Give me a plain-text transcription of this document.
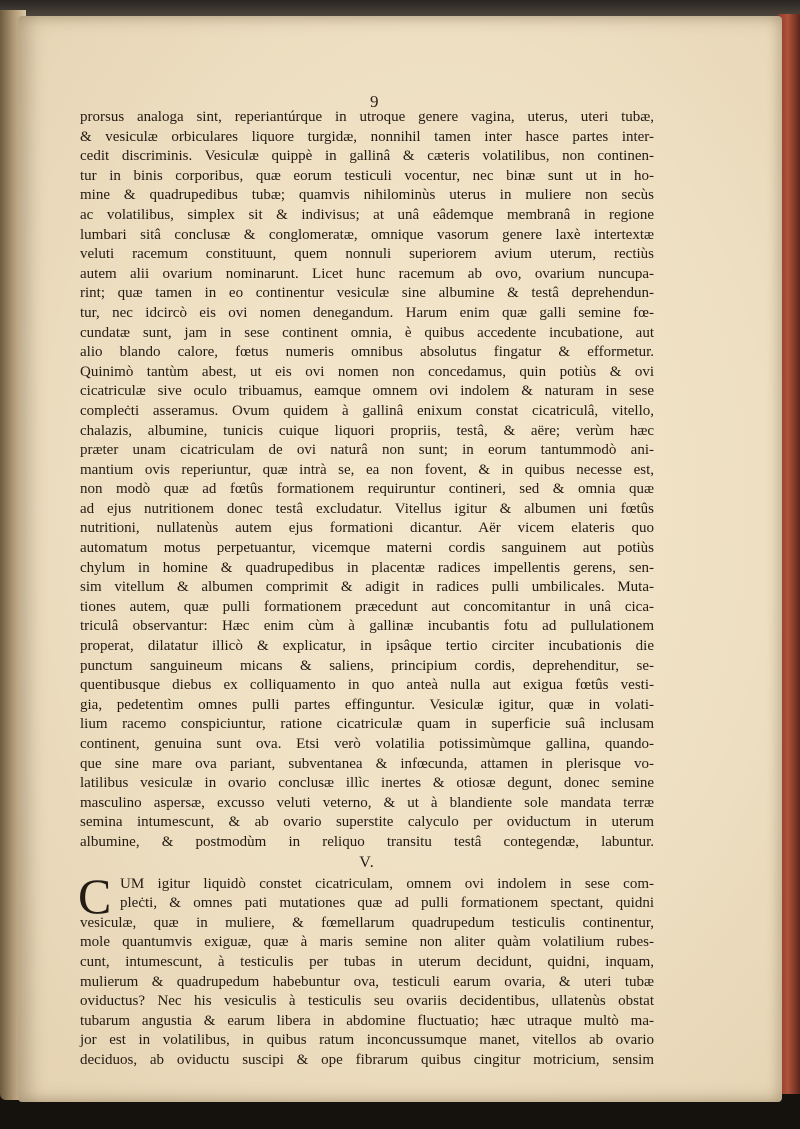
9
prorsus analoga sint, reperiantúrque in utroque genere vagina, uterus, uteri tubæ,
& vesiculæ orbiculares liquore turgidæ, nonnihil tamen inter hasce partes inter-
cedit discriminis. Vesiculæ quippè in gallinâ & cæteris volatilibus, non continen-
tur in binis corporibus, quæ eorum testiculi vocentur, nec binæ sunt ut in ho-
mine & quadrupedibus tubæ; quamvis nihilominùs uterus in muliere non secùs
ac volatilibus, simplex sit & indivisus; at unâ eâdemque membranâ in regione
lumbari sitâ conclusæ & conglomeratæ, omnique vasorum genere laxè intertextæ
veluti racemum constituunt, quem nonnuli superiorem avium uterum, rectiùs
autem alii ovarium nominarunt. Licet hunc racemum ab ovo, ovarium nuncupa-
rint; quæ tamen in eo continentur vesiculæ sine albumine & testâ deprehendun-
tur, nec idcircò eis ovi nomen denegandum. Harum enim quæ galli semine fœ-
cundatæ sunt, jam in sese continent omnia, è quibus accedente incubatione, aut
alio blando calore, fœtus numeris omnibus absolutus fingatur & efformetur.
Quinimò tantùm abest, ut eis ovi nomen non concedamus, quin potiùs & ovi
cicatriculæ sive oculo tribuamus, eamque omnem ovi indolem & naturam in sese
compleċti asseramus. Ovum quidem à gallinâ enixum constat cicatriculâ, vitello,
chalazis, albumine, tunicis cuique liquori propriis, testâ, & aëre; verùm hæc
præter unam cicatriculam de ovi naturâ non sunt; in eorum tantummodò ani-
mantium ovis reperiuntur, quæ intrà se, ea non fovent, & in quibus necesse est,
non modò quæ ad fœtûs formationem requiruntur contineri, sed & omnia quæ
ad ejus nutritionem donec testâ excludatur. Vitellus igitur & albumen uni fœtûs
nutritioni, nullatenùs autem ejus formationi dicantur. Aër vicem elateris quo
automatum motus perpetuantur, vicemque materni cordis sanguinem aut potiùs
chylum in homine & quadrupedibus in placentæ radices impellentis gerens, sen-
sim vitellum & albumen comprimit & adigit in radices pulli umbilicales. Muta-
tiones autem, quæ pulli formationem præcedunt aut concomitantur in unâ cica-
triculâ observantur: Hæc enim cùm à gallinæ incubantis fotu ad pullulationem
properat, dilatatur illicò & explicatur, in ipsâque tertio circiter incubationis die
punctum sanguineum micans & saliens, principium cordis, deprehenditur, se-
quentibusque diebus ex colliquamento in quo anteà nulla aut exigua fœtûs vesti-
gia, pedetentìm omnes pulli partes effinguntur. Vesiculæ igitur, quæ in volati-
lium racemo conspiciuntur, ratione cicatriculæ quam in superficie suâ inclusam
continent, genuina sunt ova. Etsi verò volatilia potissimùmque gallina, quando-
que sine mare ova pariant, subventanea & infœcunda, attamen in plerisque vo-
latilibus vesiculæ in ovario conclusæ illìc inertes & otiosæ degunt, donec semine
masculino aspersæ, excusso veluti veterno, & ut à blandiente sole mandata terræ
semina intumescunt, & ab ovario superstite calyculo per oviductum in uterum
albumine, & postmodùm in reliquo transitu testâ contegendæ, labuntur.
V.
C UM igitur liquidò constet cicatriculam, omnem ovi indolem in sese com-
pleċti, & omnes pati mutationes quæ ad pulli formationem spectant, quidni
vesiculæ, quæ in muliere, & fœmellarum quadrupedum testiculis continentur,
mole quantumvis exiguæ, quæ à maris semine non aliter quàm volatilium rubes-
cunt, intumescunt, à testiculis per tubas in uterum decidunt, quidni, inquam,
mulierum & quadrupedum habebuntur ova, testiculi earum ovaria, & uteri tubæ
oviductus? Nec his vesiculis à testiculis seu ovariis decidentibus, ullatenùs obstat
tubarum angustia & earum libera in abdomine fluctuatio; hæc utraque multò ma-
jor est in volatilibus, in quibus ratum inconcussumque manet, vitellos ab ovario
deciduos, ab oviductu suscipi & ope fibrarum quibus cingitur motricium, sensim
